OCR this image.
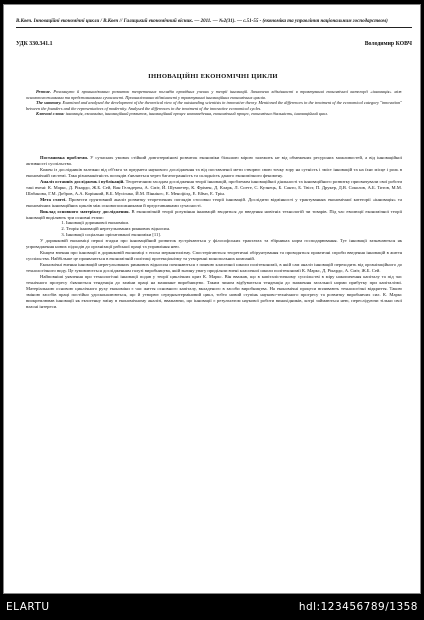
В.Ковч. Інноваційні економічні цикли / В.Ковч // Галицький економічний вісник. — 2011. — №2(31). — с.51-55 - (економіка та управління національним господарством)
УДК 330.341.1	Володимир КОВЧ
ІННОВАЦІЙНІ ЕКОНОМІЧНІ ЦИКЛИ

Резюме. Розглянуто й проаналізовано розвиток теоретичних поглядів провідних учених у теорії інновацій. Зазначено відмінності в трактуванні економічної категорії «інновація» між основоположниками та представниками сучасності. Проаналізовано відмінності у трактуванні інноваційних економічних циклів.

The summary. Examined and analysed the development of the theoretical view of the outstanding scientists in innovative theory. Mentioned the differences in the treatment of the economical category "innovation" between the founders and the representatives of modernity. Analysed the differences in the treatment of the innovative economical cycles.

Ключові слова: інновація, економіка, інноваційний розвиток, інноваційний процес нововведення, економічний процес, економічна діяльність, інноваційний цикл.

Постановка проблеми. У сучасних умовах стійкий довготермінові розвиток економіки більшою мірою залежить не від обмежених ресурсних можливостей, а від інноваційної активності суспільства.

Кожен із дослідників залежно від об'єкта та предмета наукового дослідження та від поставленої мети створює свою точку зору на сутність і зміст інновацій та на їхнє місце і роль в економічній системі. Така різноманітність поглядів з'являється через багатогранність та складність даного економічного феномену.

Аналіз останніх досліджень і публікацій. Теоретичним засадам дослідження теорії інновацій, проблемам інноваційної діяльності та інноваційного розвитку присвячували свої роботи такі вчені: К. Маркс, Д. Рікардо, Ж.Б. Сей, Ван Гельдерен, А. Сміт, Й. Шумпетер, К. Фрімен, Д. Кларк, Л. Соете, С. Кузнець, Б. Санто, Б. Твіст, П. Друкер, Д.В. Соколов, А.Б. Титов, М.М. Шабанова, Г.М. Добров, А.А. Корінний, В.Б. Мусієнко, Й.М. Піннінгс, Е. Менсфілд, Е. Еймз, Е. Трін.

Мета статті. Провести грунтовний аналіз розвитку теоретичних поглядів стосовно теорії інновацій. Дослідити відмінності у трактуваннях економічної категорії «інновація» та економічних інноваційних циклів між основоположниками й представниками сучасності.

Виклад основного матеріалу дослідження. В економічній теорії розуміння інновацій зводиться до введення новітніх технологій чи товарів. Під час еволюції економічної теорії інновацій виділяють три основні етапи:

1. Інновації доринкової економіки.
2. Теорія інновацій нерегульованих ринкових відносин.
3. Інновації соціально орієнтованої економіки [11].

У доринковій економіці перші згадки про інноваційний розвиток зустрічаються у філософських трактатах та збірниках норм господарювання. Тут інновації зазначаються як упровадження нових підходів до організації рабської праці та управління нею.

Кінцем вчення про інновації в доринковій економіці є епоха меркантилізму. Спостерігаються теоретичні обґрунтування та проводяться практичні спроби введення інновацій в життя суспільства. Найбільше це проявляється в економічній політиці протекціонізму та утворенні монопольних компаній.

Економічні вчення інновацій нерегульованих ринкових відносин починаються з появою класичної школи політекономії, в якій сам аналіз інновацій переходить від організаційного до технологічного виду. Це зумовлюється дослідженням галузі виробництва, якій значну увагу приділяли вчені класичної школи політекономії К. Маркс, Д. Рікардо, А. Сміт, Ж.Б. Сей.

Найповніші уявлення про технологічні інновації подав у теорії циклічних криз К. Маркс. Він вважав, що в капіталістичному суспільстві в міру накопичення капіталу та під час технічного прогресу з'являється тенденція до заміни праці на машинне виробництво. Таким чином відбувається тенденція до зниження загальної норми прибутку при капіталізмі. Матеріальною основою циклічного руху економіки є час життя основного капіталу, вкладеного в засоби виробництва. На економічні процеси впливають технологічні відкриття. Такою зміною засобів праці постійно удосконалюються, що й утворює середньотерміновий цикл, тобто новий ступінь науково-технічного прогресу та розвитку виробничих сил. К. Маркс виокремлював інновації як екзогенну зміну в економічному аналізі, вважаючи, що інновації є результатом наукової роботи винахідників, котрі займаються нею, переслідуючи тільки свої власні інтереси.

ELARTU	hdl:123456789/1358
